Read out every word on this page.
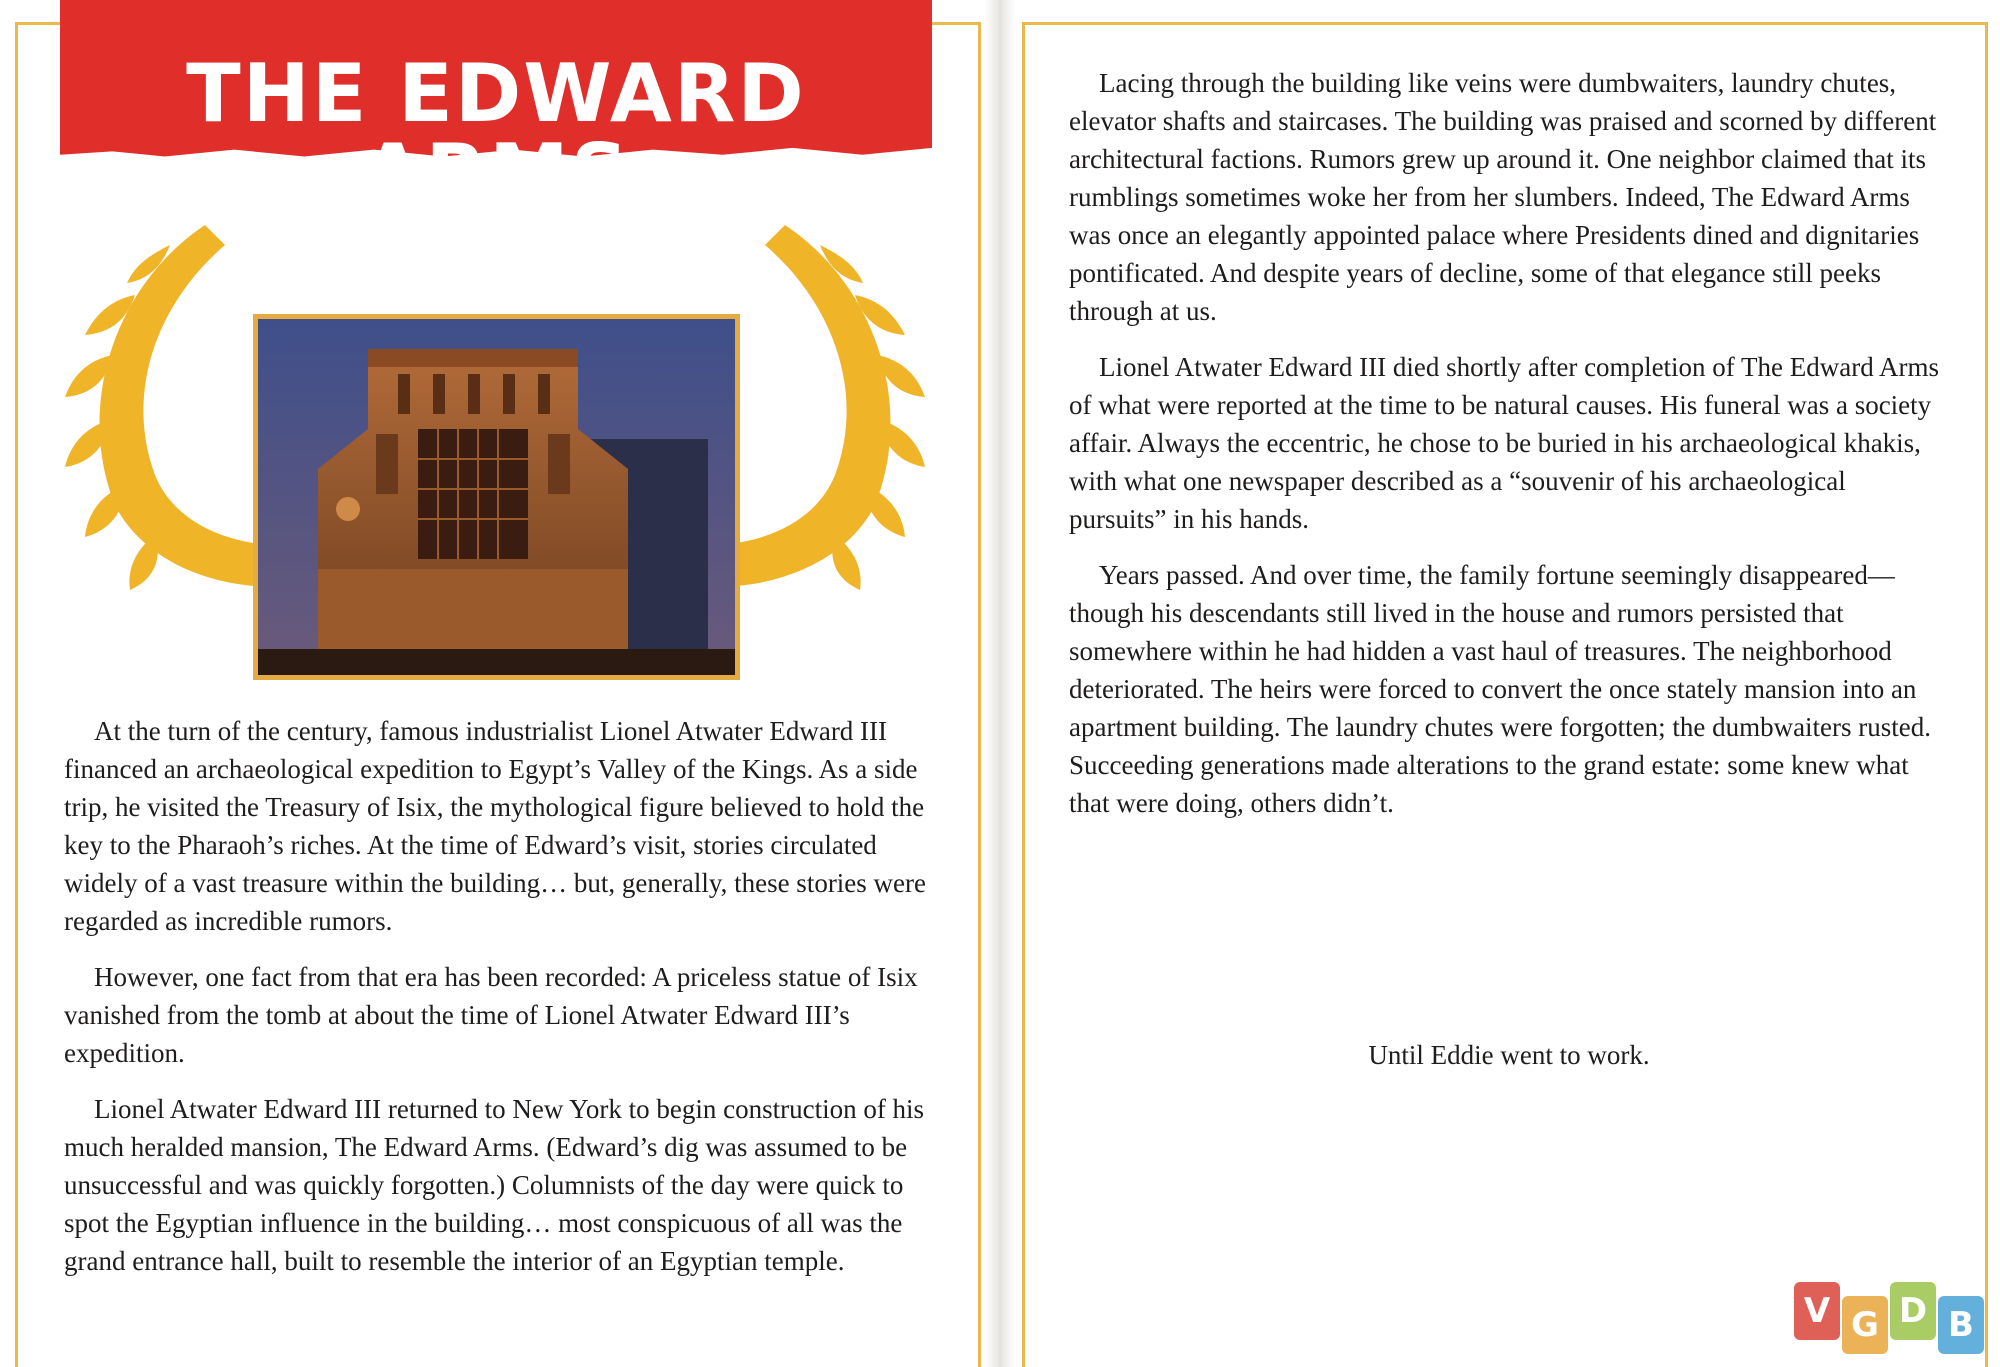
THE EDWARD ARMS

At the turn of the century, famous industrialist Lionel Atwater Edward III financed an archaeological expedition to Egypt’s Valley of the Kings. As a side trip, he visited the Treasury of Isix, the mythological figure believed to hold the key to the Pharaoh’s riches. At the time of Edward’s visit, stories circulated widely of a vast treasure within the building… but, generally, these stories were regarded as incredible rumors.

However, one fact from that era has been recorded: A priceless statue of Isix vanished from the tomb at about the time of Lionel Atwater Edward III’s expedition.

Lionel Atwater Edward III returned to New York to begin construction of his much heralded mansion, The Edward Arms. (Edward’s dig was assumed to be unsuccessful and was quickly forgotten.) Columnists of the day were quick to spot the Egyptian influence in the building… most conspicuous of all was the grand entrance hall, built to resemble the interior of an Egyptian temple.

Lacing through the building like veins were dumbwaiters, laundry chutes, elevator shafts and staircases. The building was praised and scorned by different architectural factions. Rumors grew up around it. One neighbor claimed that its rumblings sometimes woke her from her slumbers. Indeed, The Edward Arms was once an elegantly appointed palace where Presidents dined and dignitaries pontificated. And despite years of decline, some of that elegance still peeks through at us.

Lionel Atwater Edward III died shortly after completion of The Edward Arms of what were reported at the time to be natural causes. His funeral was a society affair. Always the eccentric, he chose to be buried in his archaeological khakis, with what one newspaper described as a “souvenir of his archaeological pursuits” in his hands.

Years passed. And over time, the family fortune seemingly disappeared—though his descendants still lived in the house and rumors persisted that somewhere within he had hidden a vast haul of treasures. The neighborhood deteriorated. The heirs were forced to convert the once stately mansion into an apartment building. The laundry chutes were forgotten; the dumbwaiters rusted. Succeeding generations made alterations to the grand estate: some knew what that were doing, others didn’t.

Until Eddie went to work.
V G D B
